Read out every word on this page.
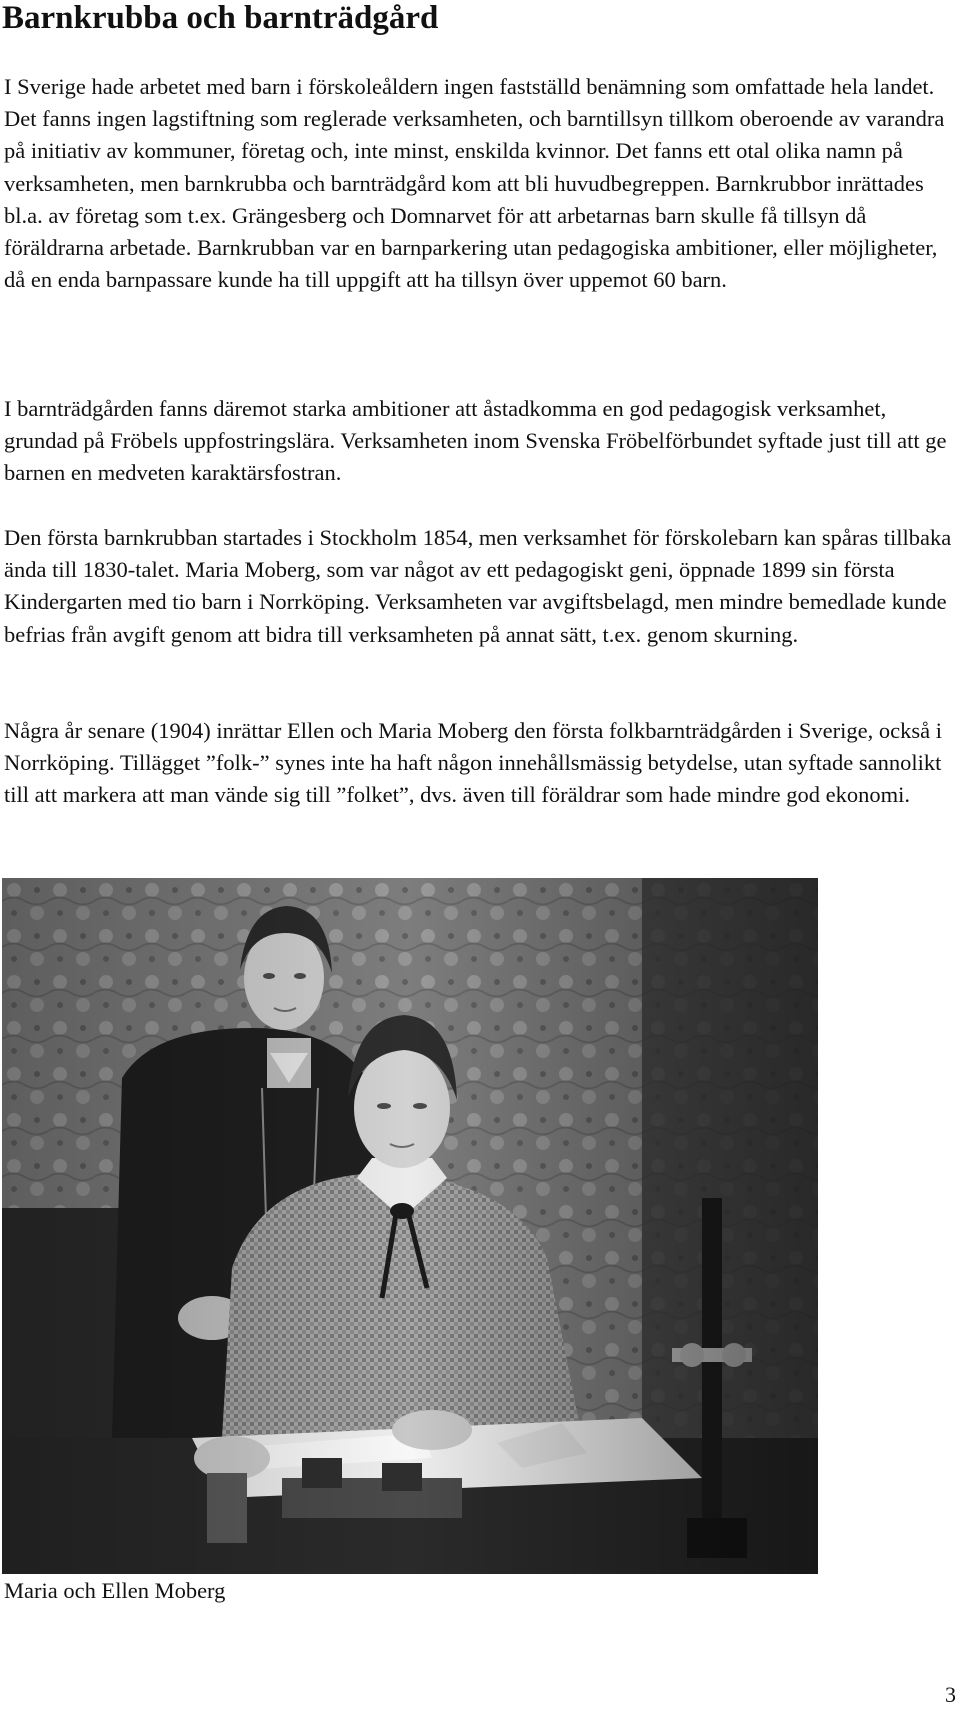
Barnkrubba och barnträdgård

I Sverige hade arbetet med barn i förskoleåldern ingen fastställd benämning som omfattade hela landet. Det fanns ingen lagstiftning som reglerade verksamheten, och barntillsyn tillkom oberoende av varandra på initiativ av kommuner, företag och, inte minst, enskilda kvinnor. Det fanns ett otal olika namn på verksamheten, men barnkrubba och barnträdgård kom att bli huvudbegreppen. Barnkrubbor inrättades bl.a. av företag som t.ex. Grängesberg och Domnarvet för att arbetarnas barn skulle få tillsyn då föräldrarna arbetade. Barnkrubban var en barnparkering utan pedagogiska ambitioner, eller möjligheter, då en enda barnpassare kunde ha till uppgift att ha tillsyn över uppemot 60 barn.

I barnträdgården fanns däremot starka ambitioner att åstadkomma en god pedagogisk verksamhet, grundad på Fröbels uppfostringslära. Verksamheten inom Svenska Fröbelförbundet syftade just till att ge barnen en medveten karaktärsfostran.

Den första barnkrubban startades i Stockholm 1854, men verksamhet för förskolebarn kan spåras tillbaka ända till 1830-talet. Maria Moberg, som var något av ett pedagogiskt geni, öppnade 1899 sin första Kindergarten med tio barn i Norrköping. Verksamheten var avgiftsbelagd, men mindre bemedlade kunde befrias från avgift genom att bidra till verksamheten på annat sätt, t.ex. genom skurning.

Några år senare (1904) inrättar Ellen och Maria Moberg den första folkbarnträdgården i Sverige, också i Norrköping. Tillägget ”folk-” synes inte ha haft någon innehållsmässig betydelse, utan syftade sannolikt till att markera att man vände sig till ”folket”, dvs. även till föräldrar som hade mindre god ekonomi.

Maria och Ellen Moberg

3
